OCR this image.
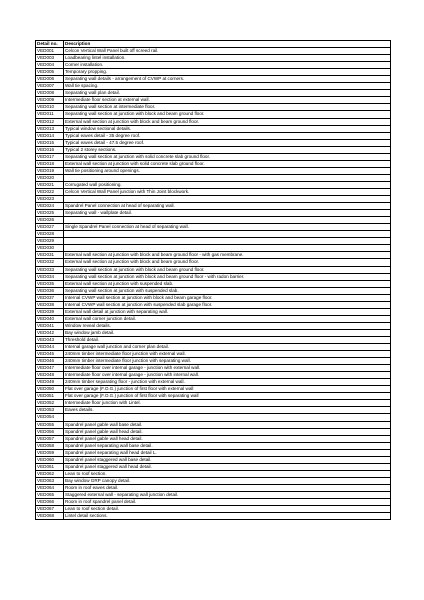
Detail no.	Description
VED001	Celcon Vertical Wall Panel built off screed rail.
VED003	Loadbearing lintel installation.
VED004	Corner installation.
VED005	Temporary propping.
VED006	Separating wall details - arrangement of CVWP at corners.
VED007	Wall tie spacing.
VED008	Separating wall plan detail.
VED009	Intermediate floor section at external wall.
VED010	Separating wall section at intermediate floor.
VED011	Separating wall section at junction with block and beam ground floor.
VED012	External wall section at junction with block and beam ground floor.
VED013	Typical window sectional details.
VED014	Typical eaves detail - 35 degree roof.
VED015	Typical eaves detail - 47.5 degree roof.
VED016	Typical 2 storey sections.
VED017	Separating wall section at junction with solid concrete slab ground floor.
VED018	External wall section at junction with solid concrete slab ground floor.
VED019	Wall tie positioning around openings.
VED020	
VED021	Corrugated wall positioning.
VED022	Celcon Vertical Wall Panel junction with Thin Joint blockwork.
VED023	
VED024	Spandrel Panel connection at head of separating wall.
VED025	Separating wall - wallplate detail.
VED026	
VED027	Single Spandrel Panel connection at head of separating wall.
VED028	
VED029	
VED030	
VED031	External wall section at junction with block and beam ground floor - with gas membrane.
VED032	External wall section at junction with block and beam ground floor.
VED033	Separating wall section at junction with block and beam ground floor.
VED034	Separating wall section at junction with block and beam ground floor - with radon barrier.
VED035	External wall section at junction with suspended slab.
VED036	Separating wall section at junction with suspended slab.
VED037	Internal CVWP wall section at junction with block and beam garage floor.
VED038	Internal CVWP wall section at junction with suspended slab garage floor.
VED039	External wall detail at junction with separating wall.
VED040	External wall corner junction detail.
VED041	Window reveal details.
VED042	Bay window jamb detail.
VED043	Threshold detail.
VED044	Internal garage wall junction and corner plan detail.
VED045	240mm timber intermediate floor junction with external wall.
VED046	240mm timber intermediate floor junction with separating wall.
VED047	Intermediate floor over internal garage - junction with external wall.
VED048	Intermediate floor over internal garage - junction with internal wall.
VED049	240mm timber separating floor - junction with external wall.
VED050	Flat over garage (F.O.G.) junction of first floor with external wall
VED051	Flat over garage (F.O.G.) junction of first floor with separating wall
VED052	Intermediate floor junction with Lintel.
VED053	Eaves details.
VED054	
VED055	Spandrel panel gable wall base detail.
VED056	Spandrel panel gable wall head detail.
VED057	Spandrel panel gable wall head detail.
VED058	Spandrel panel separating wall base detail.
VED059	Spandrel panel separating wall head detail L.
VED060	Spandrel panel staggered wall base detail.
VED061	Spandrel panel staggered wall head detail.
VED062	Lean to roof section.
VED063	Bay window GRP canopy detail.
VED064	Room in roof eaves detail.
VED065	Staggered external wall - separating wall junction detail.
VED066	Room in roof spandrel panel detail.
VED067	Lean to roof section detail.
VED068	Lintel detail sections.
